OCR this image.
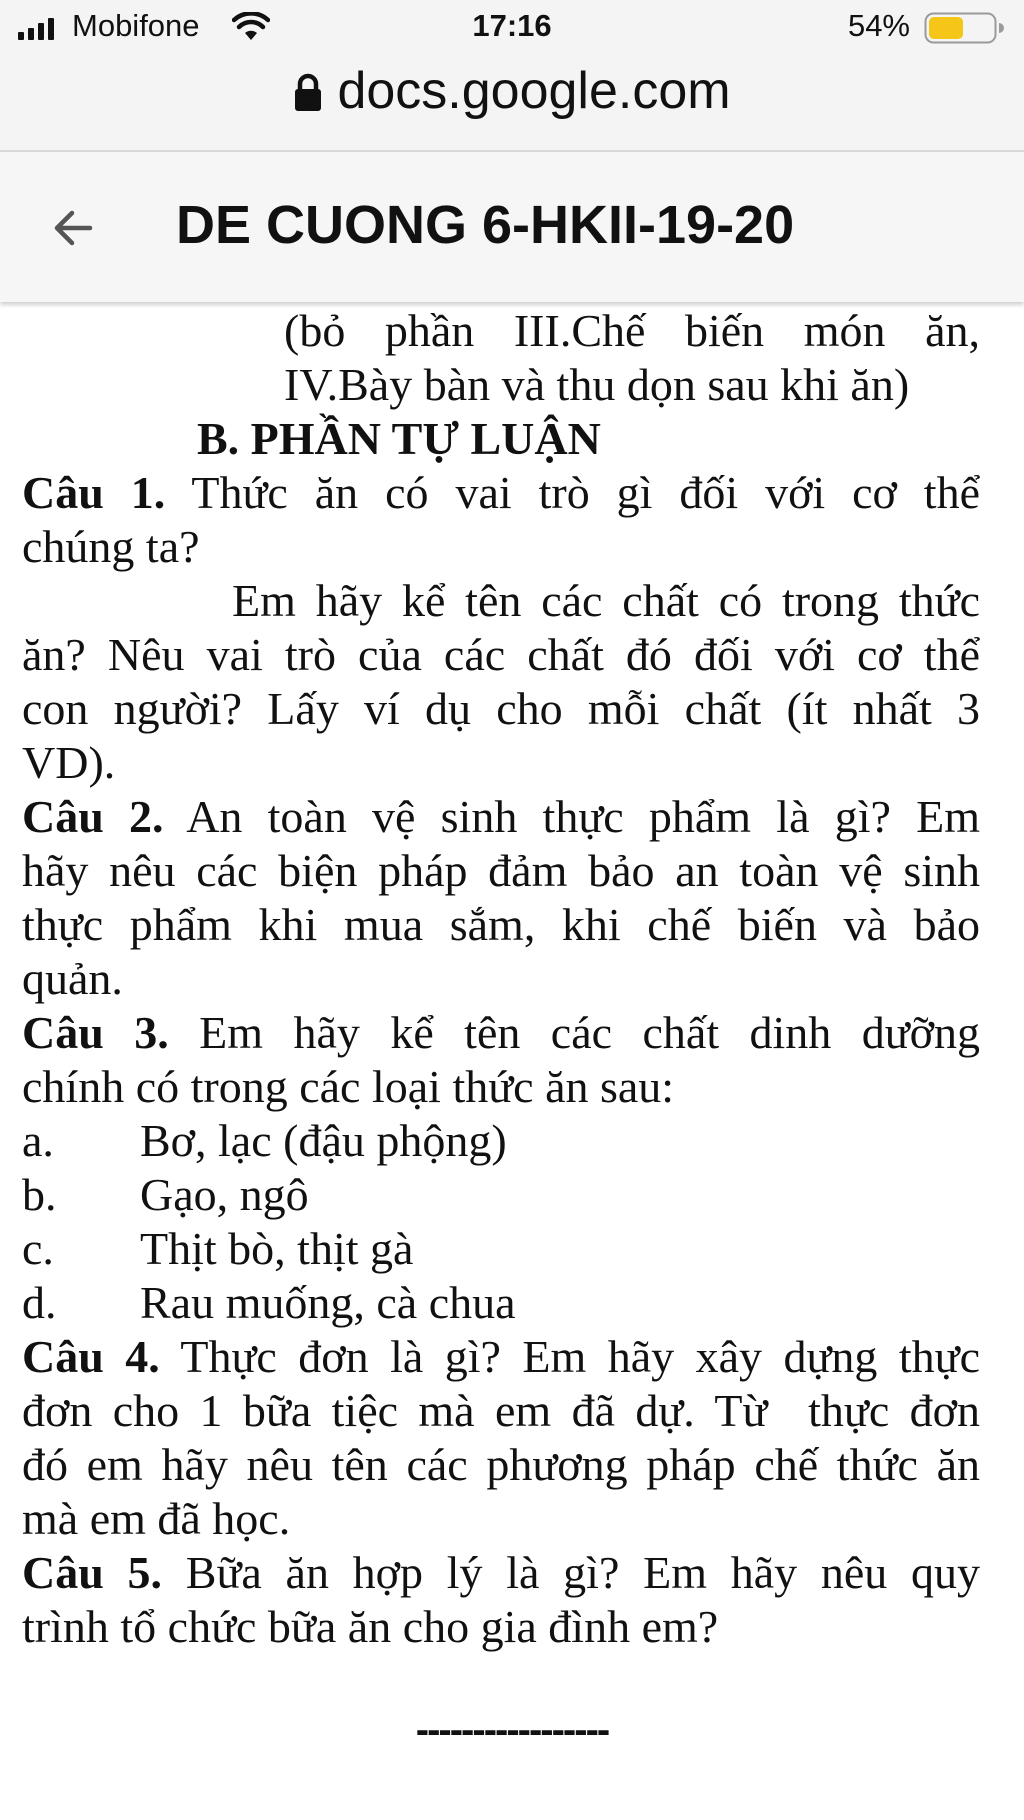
Mobifone	17:16	54%
docs.google.com
DE CUONG 6-HKII-19-20
(bỏ phần III.Chế biến món ăn,
IV.Bày bàn và thu dọn sau khi ăn)
B. PHẦN TỰ LUẬN
Câu 1. Thức ăn có vai trò gì đối với cơ thể
chúng ta?
Em hãy kể tên các chất có trong thức
ăn? Nêu vai trò của các chất đó đối với cơ thể
con người? Lấy ví dụ cho mỗi chất (ít nhất 3
VD).
Câu 2. An toàn vệ sinh thực phẩm là gì? Em
hãy nêu các biện pháp đảm bảo an toàn vệ sinh
thực phẩm khi mua sắm, khi chế biến và bảo
quản.
Câu 3. Em hãy kể tên các chất dinh dưỡng
chính có trong các loại thức ăn sau:
a.	Bơ, lạc (đậu phộng)
b.	Gạo, ngô
c.	Thịt bò, thịt gà
d.	Rau muống, cà chua
Câu 4. Thực đơn là gì? Em hãy xây dựng thực
đơn cho 1 bữa tiệc mà em đã dự. Từ  thực đơn
đó em hãy nêu tên các phương pháp chế thức ăn
mà em đã học.
Câu 5. Bữa ăn hợp lý là gì? Em hãy nêu quy
trình tổ chức bữa ăn cho gia đình em?
-----------------
